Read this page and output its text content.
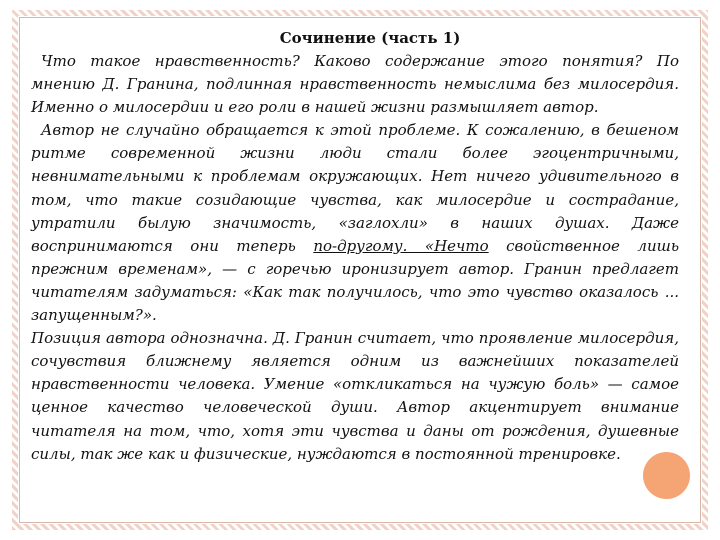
Сочинение (часть 1)

Что такое нравственность? Каково содержание этого понятия? По мнению Д. Гранина, подлинная нравственность немыслима без милосердия. Именно о милосердии и его роли в нашей жизни размышляет автор.

Автор не случайно обращается к этой проблеме. К сожалению, в бешеном ритме современной жизни люди стали более эгоцентричными, невнимательными к проблемам окружающих. Нет ничего удивительного в том, что такие созидающие чувства, как милосердие и сострадание, утратили былую значимость, «заглохли» в наших душах. Даже воспринимаются они теперь по-другому. «Нечто свойственное лишь прежним временам», — с горечью иронизирует автор. Гранин предлагет читателям задуматься: «Как так получилось, что это чувство оказалось ... запущенным?».

Позиция автора однозначна. Д. Гранин считает, что проявление милосердия, сочувствия ближнему является одним из важнейших показателей нравственности человека. Умение «откликаться на чужую боль» — самое ценное качество человеческой души. Автор акцентирует внимание читателя на том, что, хотя эти чувства и даны от рождения, душевные силы, так же как и физические, нуждаются в постоянной тренировке.
